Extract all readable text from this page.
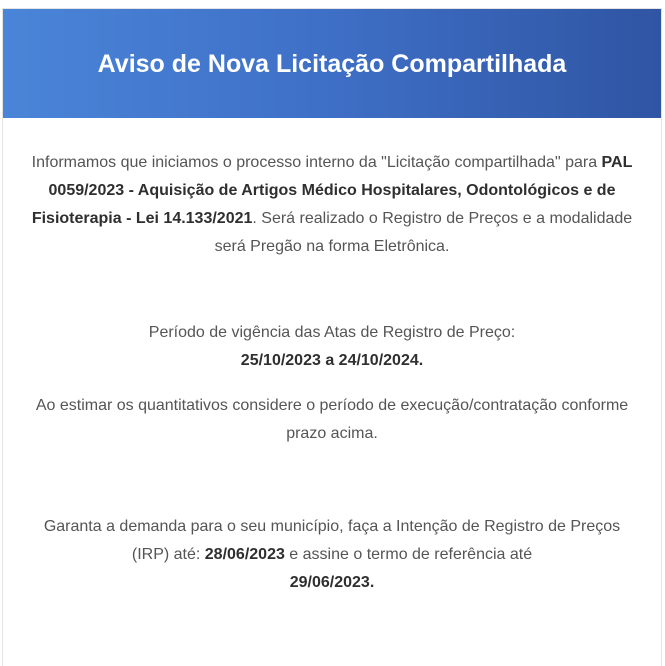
Aviso de Nova Licitação Compartilhada

Informamos que iniciamos o processo interno da "Licitação compartilhada" para PAL 0059/2023 - Aquisição de Artigos Médico Hospitalares, Odontológicos e de Fisioterapia - Lei 14.133/2021. Será realizado o Registro de Preços e a modalidade será Pregão na forma Eletrônica.

Período de vigência das Atas de Registro de Preço:
25/10/2023 a 24/10/2024.

Ao estimar os quantitativos considere o período de execução/contratação conforme prazo acima.

Garanta a demanda para o seu município, faça a Intenção de Registro de Preços (IRP) até: 28/06/2023 e assine o termo de referência até
29/06/2023.
